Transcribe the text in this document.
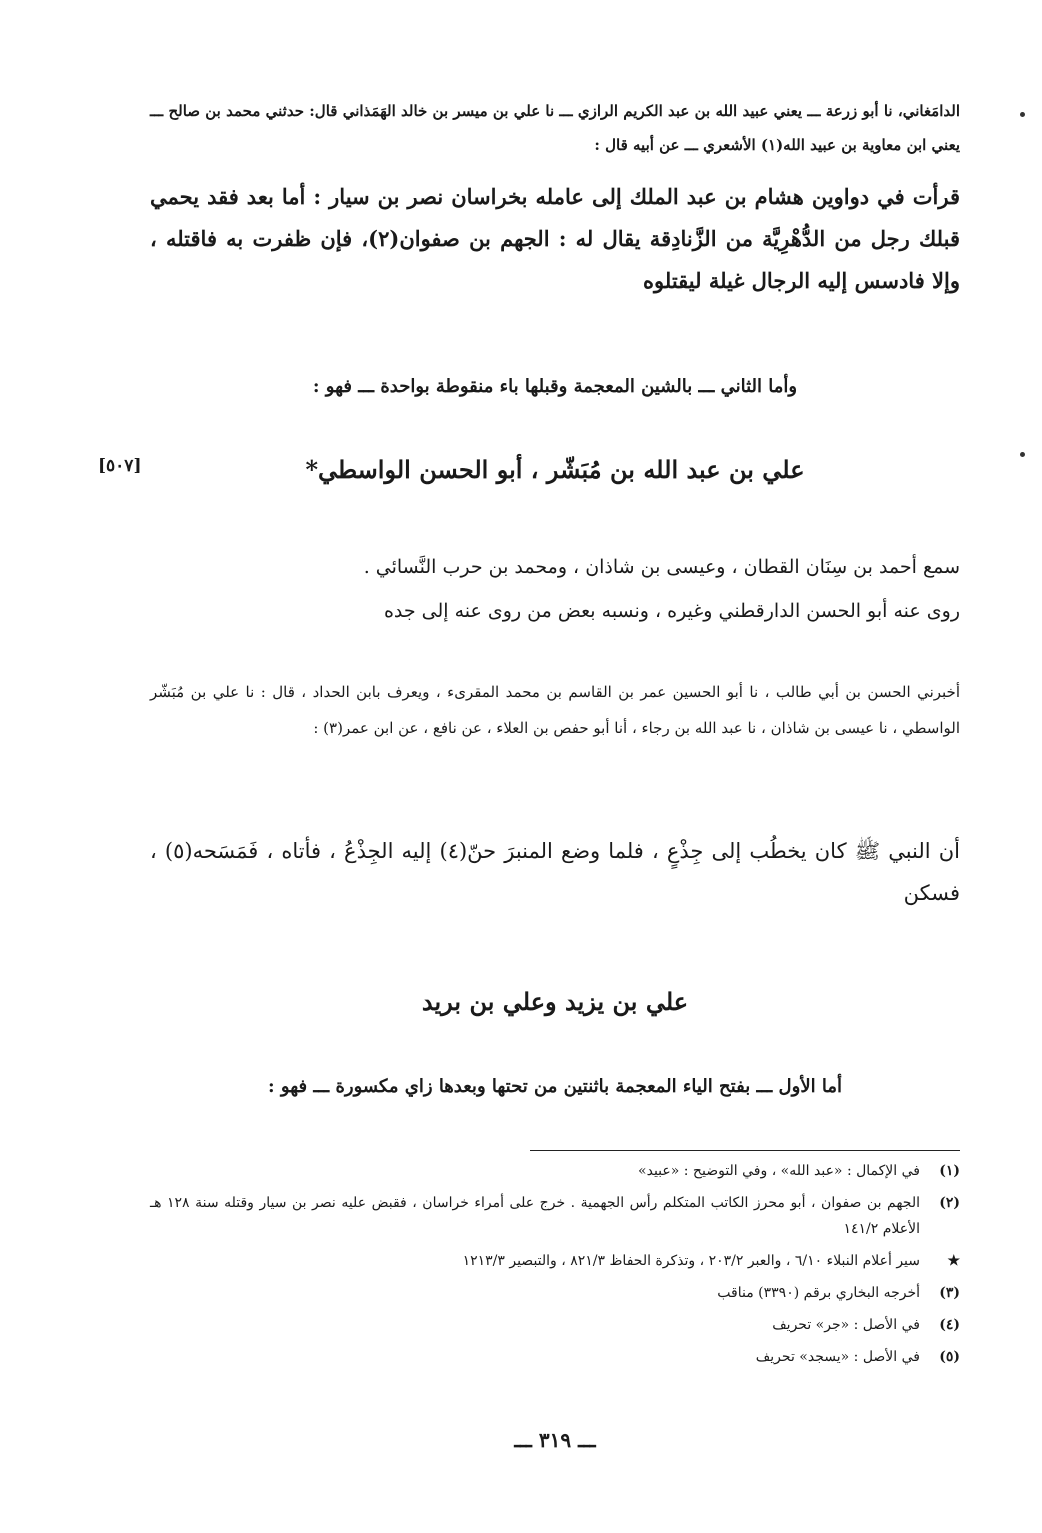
الدامَغاني، نا أبو زرعة ـــ يعني عبيد الله بن عبد الكريم الرازي ـــ نا علي بن ميسر بن خالد الهَمَذاني قال: حدثني محمد بن صالح ـــ يعني ابن معاوية بن عبيد الله(١) الأشعري ـــ عن أبيه قال :
قرأت في دواوين هشام بن عبد الملك إلى عامله بخراسان نصر بن سيار : أما بعد فقد يحمي قبلك رجل من الدُّهْرِيَّة من الزَّنادِقة يقال له : الجهم بن صفوان(٢)، فإن ظفرت به فاقتله ، وإلا فادسس إليه الرجال غيلة ليقتلوه
وأما الثاني ـــ بالشين المعجمة وقبلها باء منقوطة بواحدة ـــ فهو :
علي بن عبد الله بن مُبَشّر ، أبو الحسن الواسطي*
[٥٠٧]
سمع أحمد بن سِنَان القطان ، وعيسى بن شاذان ، ومحمد بن حرب النَّسائي .
روى عنه أبو الحسن الدارقطني وغيره ، ونسبه بعض من روى عنه إلى جده
أخبرني الحسن بن أبي طالب ، نا أبو الحسين عمر بن القاسم بن محمد المقرىء ، ويعرف بابن الحداد ، قال : نا علي بن مُبَشّر الواسطي ، نا عيسى بن شاذان ، نا عبد الله بن رجاء ، أنا أبو حفص بن العلاء ، عن نافع ، عن ابن عمر(٣) :
أن النبي ﷺ كان يخطُب إلى جِذْعٍ ، فلما وضع المنبرَ حنّ(٤) إليه الجِذْعُ ، فأتاه ، فَمَسَحه(٥) ، فسكن
علي بن يزيد وعلي بن بريد
أما الأول ـــ بفتح الياء المعجمة باثنتين من تحتها وبعدها زاي مكسورة ـــ فهو :
(١)
في الإكمال : «عبد الله» ، وفي التوضيح : «عبيد»
(٢)
الجهم بن صفوان ، أبو محرز الكاتب المتكلم رأس الجهمية . خرج على أمراء خراسان ، فقبض عليه نصر بن سيار وقتله سنة ١٢٨ هـ الأعلام ١٤١/٢
★
سير أعلام النبلاء ٦/١٠ ، والعبر ٢٠٣/٢ ، وتذكرة الحفاظ ٨٢١/٣ ، والتبصير ١٢١٣/٣
(٣)
أخرجه البخاري برقم (٣٣٩٠) مناقب
(٤)
في الأصل : «جر» تحريف
(٥)
في الأصل : «يسجد» تحريف
ـــ ٣١٩ ـــ
